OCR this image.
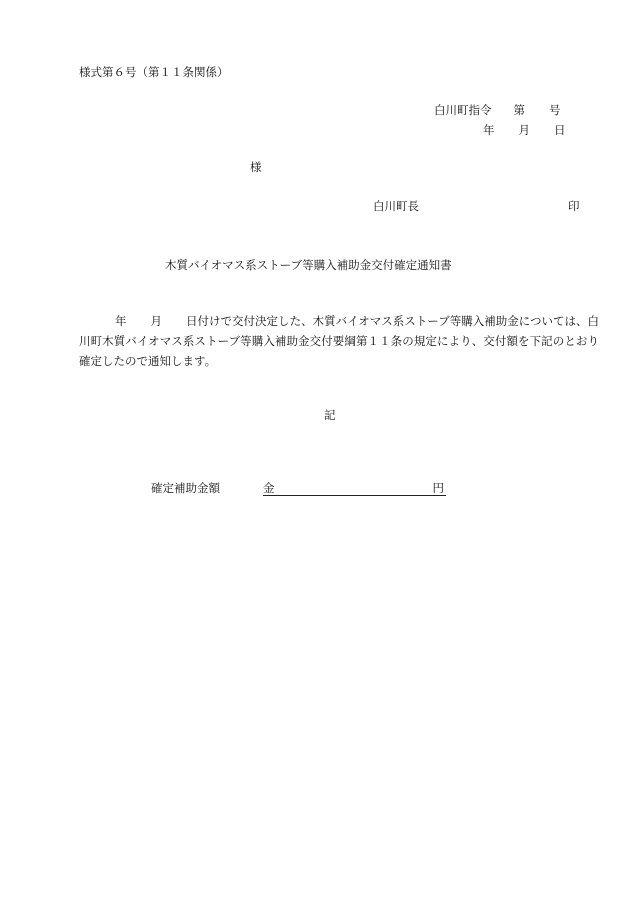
様式第６号（第１１条関係）
白川町指令 第 号
年 月 日
様
白川町長	印
木質バイオマス系ストーブ等購入補助金交付確定通知書
年 月 日付けで交付決定した、木質バイオマス系ストーブ等購入補助金については、白川町木質バイオマス系ストーブ等購入補助金交付要綱第１１条の規定により、交付額を下記のとおり確定したので通知します。
記
確定補助金額	金	円
